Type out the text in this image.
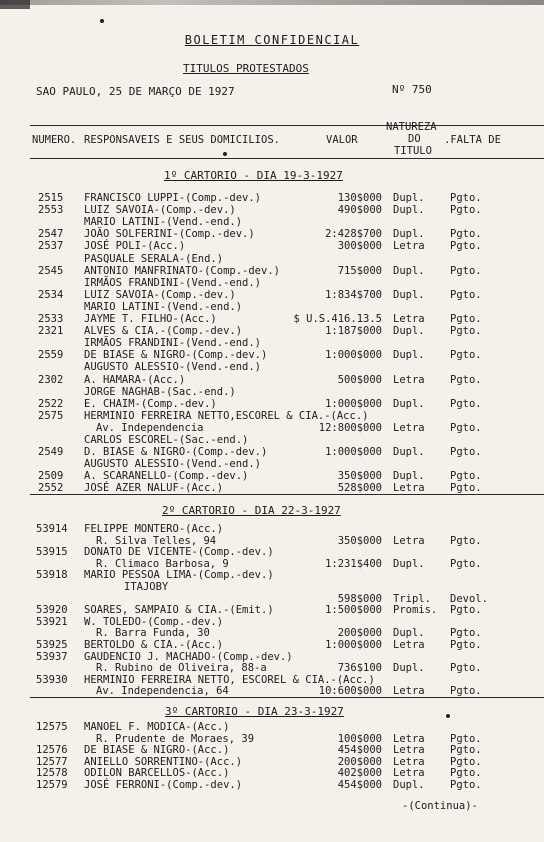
BOLETIM CONFIDENCIAL
TITULOS PROTESTADOS
SAO PAULO, 25 DE MARÇO DE 1927	Nº 750
NUMERO. RESPONSAVEIS E SEUS DOMICILIOS.	VALOR
NATUREZA
DO
TITULO
.FALTA DE
1º CARTORIO - DIA 19-3-1927
2515 FRANCISCO LUPPI-(Comp.-dev.)	130$000 Dupl. Pgto.
2553 LUIZ SAVOIA-(Comp.-dev.)	490$000 Dupl. Pgto.
MARIO LATINI-(Vend.-end.)
2547 JOÃO SOLFERINI-(Comp.-dev.)	2:428$700 Dupl. Pgto.
2537 JOSÉ POLI-(Acc.)	300$000 Letra Pgto.
PASQUALE SERALA-(End.)
2545 ANTONIO MANFRINATO-(Comp.-dev.)	715$000 Dupl. Pgto.
IRMÃOS FRANDINI-(Vend.-end.)
2534 LUIZ SAVOIA-(Comp.-dev.)	1:834$700 Dupl. Pgto.
MARIO LATINI-(Vend.-end.)
2533 JAYME T. FILHO-(Acc.)	$ U.S.416.13.5 Letra Pgto.
2321 ALVES & CIA.-(Comp.-dev.)	1:187$000 Dupl. Pgto.
IRMÃOS FRANDINI-(Vend.-end.)
2559 DE BIASE & NIGRO-(Comp.-dev.)	1:000$000 Dupl. Pgto.
AUGUSTO ALESSIO-(Vend.-end.)
2302 A. HAMARA-(Acc.)	500$000 Letra Pgto.
JORGE NAGHAB-(Sac.-end.)
2522 E. CHAIM-(Comp.-dev.)	1:000$000 Dupl. Pgto.
2575 HERMINIO FERREIRA NETTO,ESCOREL & CIA.-(Acc.)
Av. Independencia	12:800$000 Letra Pgto.
CARLOS ESCOREL-(Sac.-end.)
2549 D. BIASE & NIGRO-(Comp.-dev.)	1:000$000 Dupl. Pgto.
AUGUSTO ALESSIO-(Vend.-end.)
2509 A. SCARANELLO-(Comp.-dev.)	350$000 Dupl. Pgto.
2552 JOSÉ AZER NALUF-(Acc.)	528$000 Letra Pgto.
2º CARTORIO - DIA 22-3-1927
53914 FELIPPE MONTERO-(Acc.)
R. Silva Telles, 94	350$000 Letra Pgto.
53915 DONATO DE VICENTE-(Comp.-dev.)
R. Climaco Barbosa, 9	1:231$400 Dupl. Pgto.
53918 MARIO PESSOA LIMA-(Comp.-dev.)
ITAJOBY
598$000 Tripl. Devol.
53920 SOARES, SAMPAIO & CIA.-(Emit.)	1:500$000 Promis. Pgto.
53921 W. TOLEDO-(Comp.-dev.)
R. Barra Funda, 30	200$000 Dupl. Pgto.
53925 BERTOLDO & CIA.-(Acc.)	1:000$000 Letra Pgto.
53937 GAUDENCIO J. MACHADO-(Comp.-dev.)
R. Rubino de Oliveira, 88-a	736$100 Dupl. Pgto.
53930 HERMINIO FERREIRA NETTO, ESCOREL & CIA.-(Acc.)
Av. Independencia, 64	10:600$000 Letra Pgto.
3º CARTORIO - DIA 23-3-1927
12575 MANOEL F. MODICA-(Acc.)
R. Prudente de Moraes, 39	100$000 Letra Pgto.
12576 DE BIASE & NIGRO-(Acc.)	454$000 Letra Pgto.
12577 ANIELLO SORRENTINO-(Acc.)	200$000 Letra Pgto.
12578 ODILON BARCELLOS-(Acc.)	402$000 Letra Pgto.
12579 JOSÉ FERRONI-(Comp.-dev.)	454$000 Dupl. Pgto.
-(Continua)-
